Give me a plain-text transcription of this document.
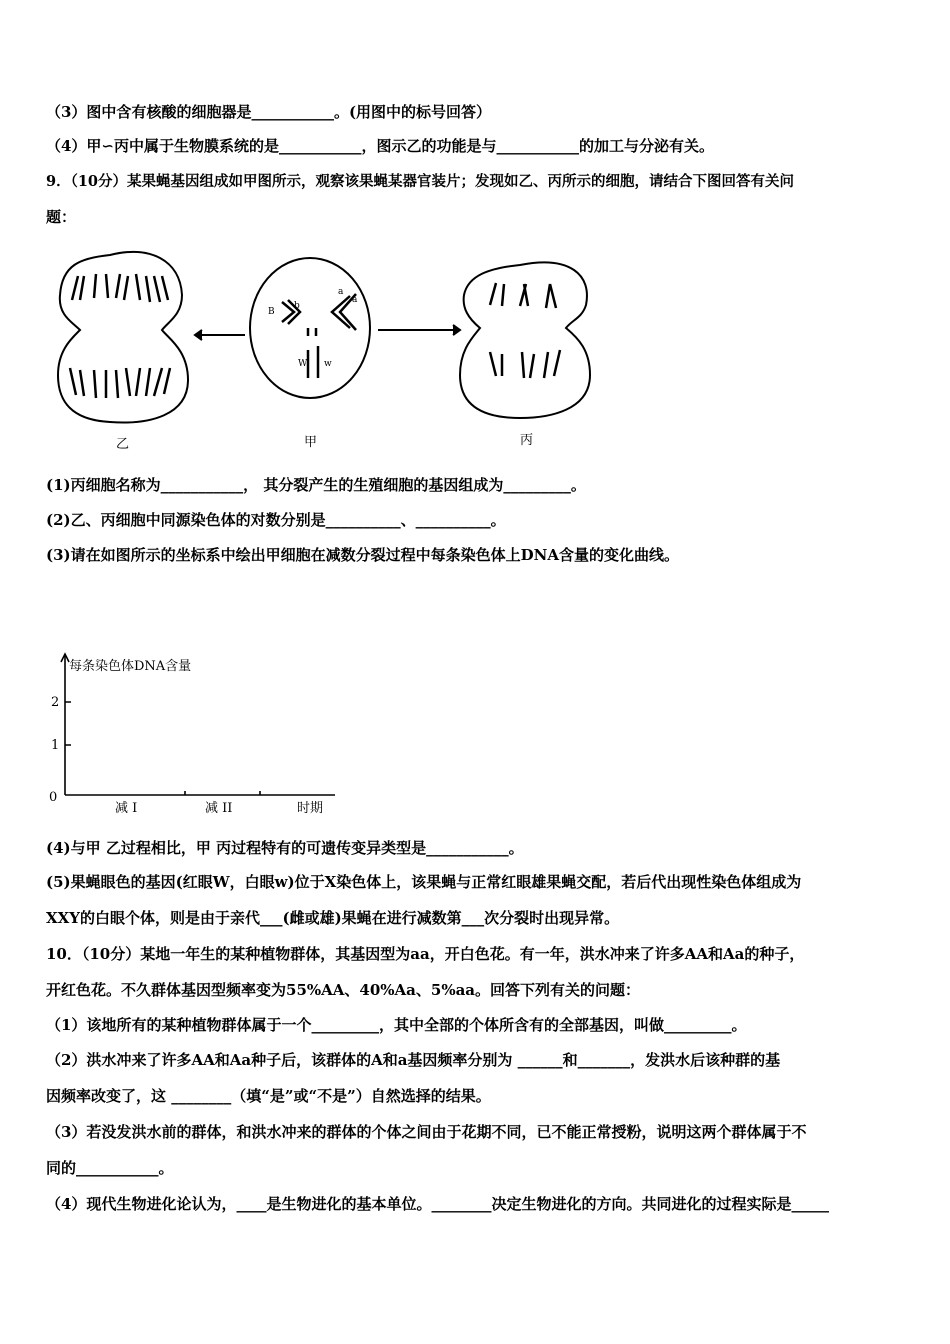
（3）图中含有核酸的细胞器是___________。(用图中的标号回答）
（4）甲∽丙中属于生物膜系统的是___________，图示乙的功能是与___________的加工与分泌有关。
9．（10分）某果蝇基因组成如甲图所示，观察该果蝇某器官装片；发现如乙、丙所示的细胞，请结合下图回答有关问
题：
B
b
a
a
W w
乙	甲	丙
(1)丙细胞名称为___________， 其分裂产生的生殖细胞的基因组成为_________。
(2)乙、丙细胞中同源染色体的对数分别是__________、__________。
(3)请在如图所示的坐标系中绘出甲细胞在减数分裂过程中每条染色体上DNA含量的变化曲线。
每条染色体DNA含量
2
1
0
减 I	减 II	时期
(4)与甲 乙过程相比，甲 丙过程特有的可遗传变异类型是___________。
(5)果蝇眼色的基因(红眼W，白眼w)位于X染色体上，该果蝇与正常红眼雄果蝇交配，若后代出现性染色体组成为
XXY的白眼个体，则是由于亲代___(雌或雄)果蝇在进行减数第___次分裂时出现异常。
10．（10分）某地一年生的某种植物群体，其基因型为aa，开白色花。有一年，洪水冲来了许多AA和Aa的种子，
开红色花。不久群体基因型频率变为55%AA、40%Aa、5%aa。回答下列有关的问题：
（1）该地所有的某种植物群体属于一个_________，其中全部的个体所含有的全部基因，叫做_________。
（2）洪水冲来了许多AA和Aa种子后，该群体的A和a基因频率分别为 ______和_______，发洪水后该种群的基
因频率改变了，这 ________（填“是”或“不是”）自然选择的结果。
（3）若没发洪水前的群体，和洪水冲来的群体的个体之间由于花期不同，已不能正常授粉，说明这两个群体属于不
同的___________。
（4）现代生物进化论认为，____是生物进化的基本单位。________决定生物进化的方向。共同进化的过程实际是_____
